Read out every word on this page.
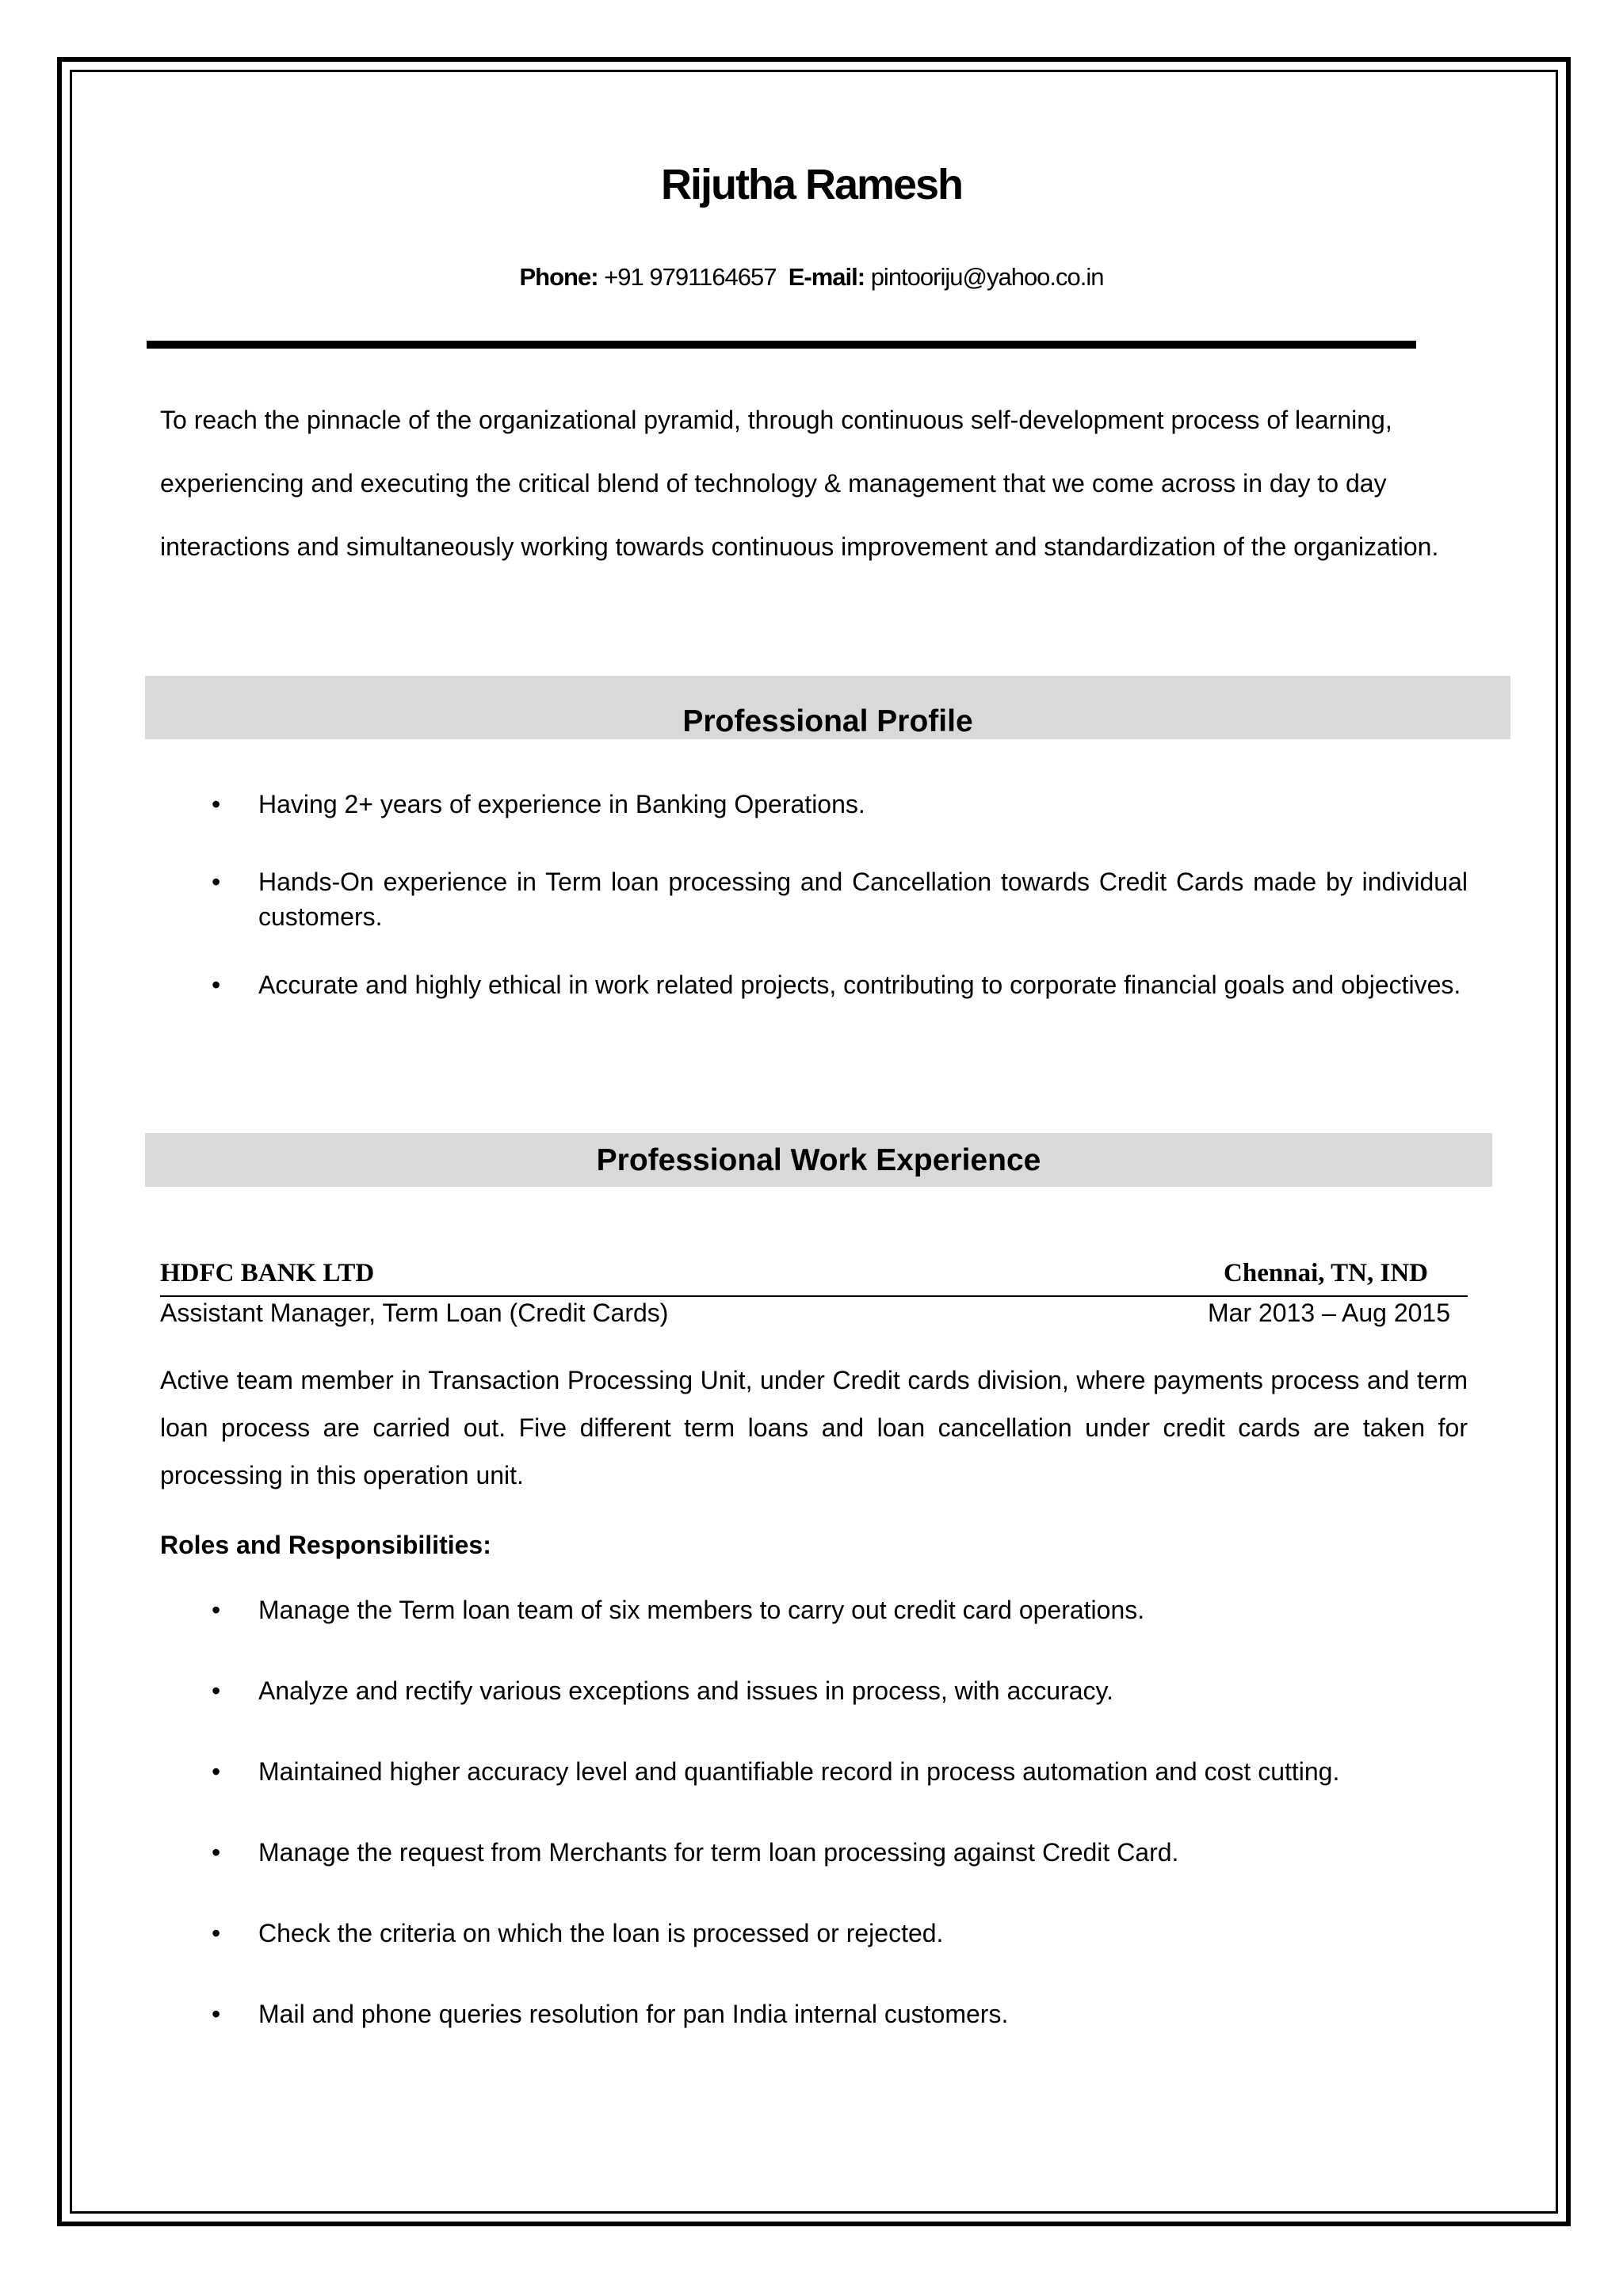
Rijutha Ramesh
Phone: +91 9791164657 E-mail: pintooriju@yahoo.co.in
To reach the pinnacle of the organizational pyramid, through continuous self-development process of learning, experiencing and executing the critical blend of technology & management that we come across in day to day interactions and simultaneously working towards continuous improvement and standardization of the organization.
Professional Profile
• Having 2+ years of experience in Banking Operations.
• Hands-On experience in Term loan processing and Cancellation towards Credit Cards made by individual customers.
• Accurate and highly ethical in work related projects, contributing to corporate financial goals and objectives.
Professional Work Experience
HDFC BANK LTD	Chennai, TN, IND
Assistant Manager, Term Loan (Credit Cards)	Mar 2013 – Aug 2015
Active team member in Transaction Processing Unit, under Credit cards division, where payments process and term loan process are carried out. Five different term loans and loan cancellation under credit cards are taken for processing in this operation unit.
Roles and Responsibilities:
• Manage the Term loan team of six members to carry out credit card operations.
• Analyze and rectify various exceptions and issues in process, with accuracy.
• Maintained higher accuracy level and quantifiable record in process automation and cost cutting.
• Manage the request from Merchants for term loan processing against Credit Card.
• Check the criteria on which the loan is processed or rejected.
• Mail and phone queries resolution for pan India internal customers.
